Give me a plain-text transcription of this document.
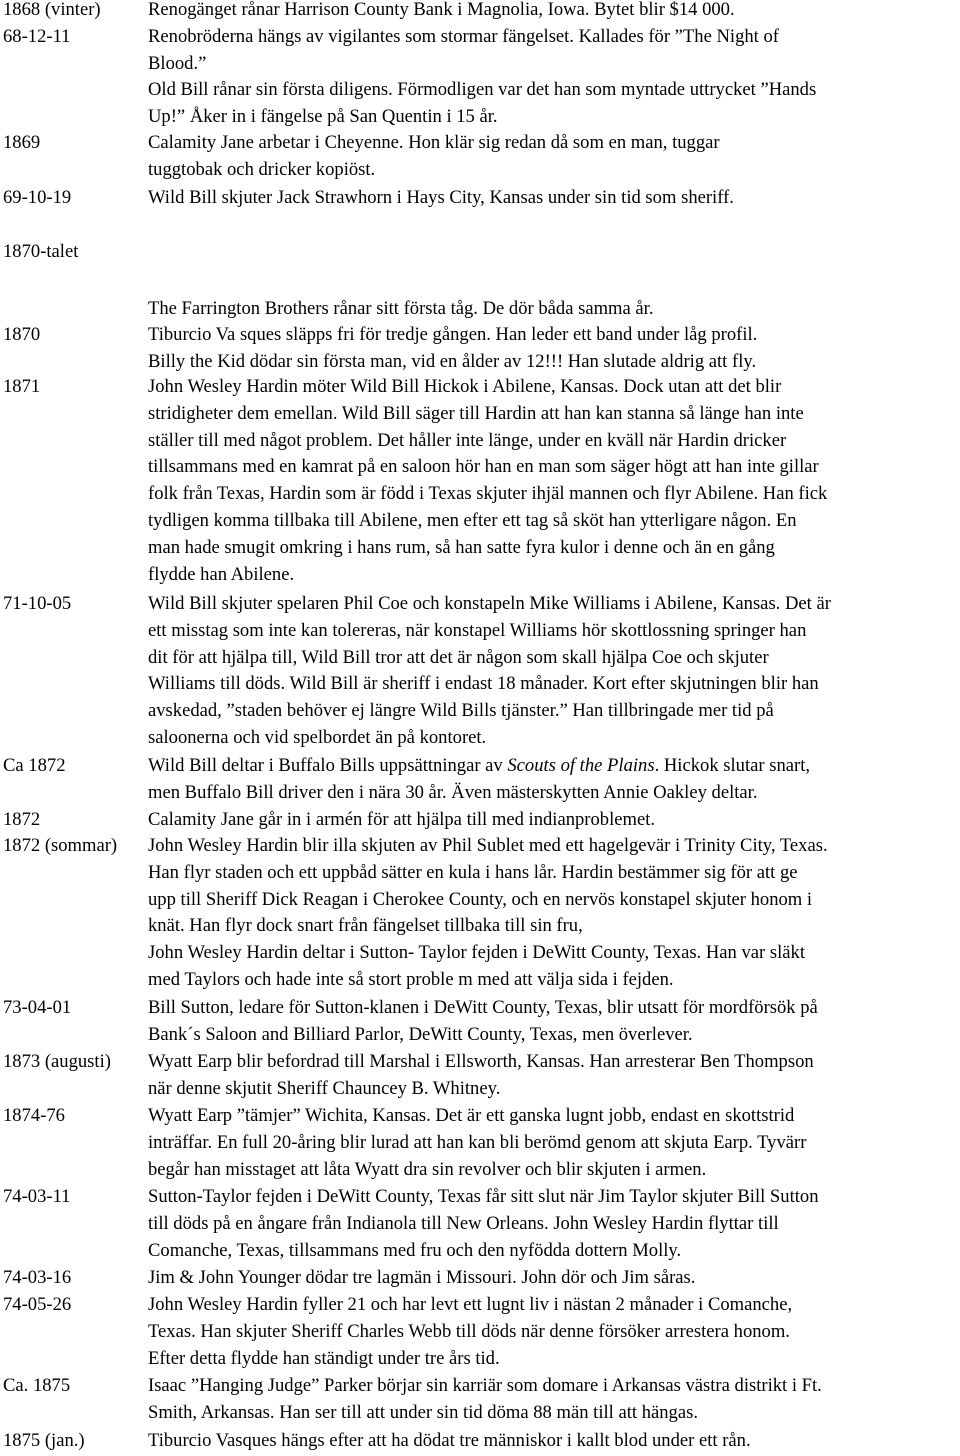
1868 (vinter)	Renogänget rånar Harrison County Bank i Magnolia, Iowa. Bytet blir $14 000.
68-12-11	Renobröderna hängs av vigilantes som stormar fängelset. Kallades för ”The Night of
Blood.”
Old Bill rånar sin första diligens. Förmodligen var det han som myntade uttrycket ”Hands
Up!” Åker in i fängelse på San Quentin i 15 år.
1869	Calamity Jane arbetar i Cheyenne. Hon klär sig redan då som en man, tuggar
tuggtobak och dricker kopiöst.
69-10-19	Wild Bill skjuter Jack Strawhorn i Hays City, Kansas under sin tid som sheriff.
1870-talet
The Farrington Brothers rånar sitt första tåg. De dör båda samma år.
1870	Tiburcio Va sques släpps fri för tredje gången. Han leder ett band under låg profil.
Billy the Kid dödar sin första man, vid en ålder av 12!!! Han slutade aldrig att fly.
1871	John Wesley Hardin möter Wild Bill Hickok i Abilene, Kansas. Dock utan att det blir
stridigheter dem emellan. Wild Bill säger till Hardin att han kan stanna så länge han inte
ställer till med något problem. Det håller inte länge, under en kväll när Hardin dricker
tillsammans med en kamrat på en saloon hör han en man som säger högt att han inte gillar
folk från Texas, Hardin som är född i Texas skjuter ihjäl mannen och flyr Abilene. Han fick
tydligen komma tillbaka till Abilene, men efter ett tag så sköt han ytterligare någon. En
man hade smugit omkring i hans rum, så han satte fyra kulor i denne och än en gång
flydde han Abilene.
71-10-05	Wild Bill skjuter spelaren Phil Coe och konstapeln Mike Williams i Abilene, Kansas. Det är
ett misstag som inte kan tolereras, när konstapel Williams hör skottlossning springer han
dit för att hjälpa till, Wild Bill tror att det är någon som skall hjälpa Coe och skjuter
Williams till döds. Wild Bill är sheriff i endast 18 månader. Kort efter skjutningen blir han
avskedad, ”staden behöver ej längre Wild Bills tjänster.” Han tillbringade mer tid på
saloonerna och vid spelbordet än på kontoret.
Ca 1872	Wild Bill deltar i Buffalo Bills uppsättningar av Scouts of the Plains. Hickok slutar snart,
men Buffalo Bill driver den i nära 30 år. Även mästerskytten Annie Oakley deltar.
1872	Calamity Jane går in i armén för att hjälpa till med indianproblemet.
1872 (sommar) John Wesley Hardin blir illa skjuten av Phil Sublet med ett hagelgevär i Trinity City, Texas.
Han flyr staden och ett uppbåd sätter en kula i hans lår. Hardin bestämmer sig för att ge
upp till Sheriff Dick Reagan i Cherokee County, och en nervös konstapel skjuter honom i
knät. Han flyr dock snart från fängelset tillbaka till sin fru,
John Wesley Hardin deltar i Sutton- Taylor fejden i DeWitt County, Texas. Han var släkt
med Taylors och hade inte så stort proble m med att välja sida i fejden.
73-04-01	Bill Sutton, ledare för Sutton-klanen i DeWitt County, Texas, blir utsatt för mordförsök på
Bank´s Saloon and Billiard Parlor, DeWitt County, Texas, men överlever.
1873 (augusti) Wyatt Earp blir befordrad till Marshal i Ellsworth, Kansas. Han arresterar Ben Thompson
när denne skjutit Sheriff Chauncey B. Whitney.
1874-76	Wyatt Earp ”tämjer” Wichita, Kansas. Det är ett ganska lugnt jobb, endast en skottstrid
inträffar. En full 20-åring blir lurad att han kan bli berömd genom att skjuta Earp. Tyvärr
begår han misstaget att låta Wyatt dra sin revolver och blir skjuten i armen.
74-03-11	Sutton-Taylor fejden i DeWitt County, Texas får sitt slut när Jim Taylor skjuter Bill Sutton
till döds på en ångare från Indianola till New Orleans. John Wesley Hardin flyttar till
Comanche, Texas, tillsammans med fru och den nyfödda dottern Molly.
74-03-16	Jim & John Younger dödar tre lagmän i Missouri. John dör och Jim såras.
74-05-26	John Wesley Hardin fyller 21 och har levt ett lugnt liv i nästan 2 månader i Comanche,
Texas. Han skjuter Sheriff Charles Webb till döds när denne försöker arrestera honom.
Efter detta flydde han ständigt under tre års tid.
Ca. 1875	Isaac ”Hanging Judge” Parker börjar sin karriär som domare i Arkansas västra distrikt i Ft.
Smith, Arkansas. Han ser till att under sin tid döma 88 män till att hängas.
1875 (jan.)	Tiburcio Vasques hängs efter att ha dödat tre människor i kallt blod under ett rån.
